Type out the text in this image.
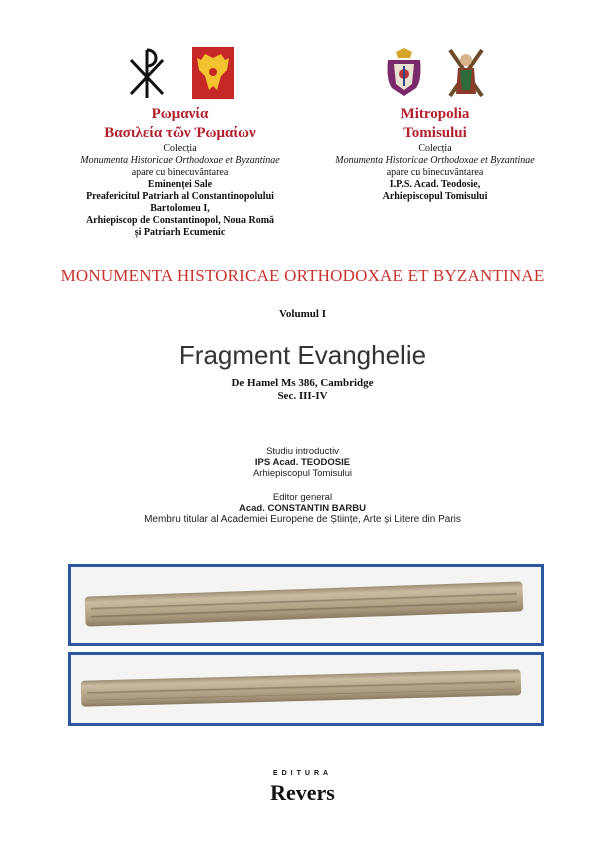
Ρωμανία
Βασιλεία τῶν Ῥωμαίων
Colecția
Monumenta Historicae Orthodoxae et Byzantinae
apare cu binecuvântarea
Eminenței Sale
Preafericitul Patriarh al Constantinopolului
Bartolomeu I,
Arhiepiscop de Constantinopol, Noua Romă
și Patriarh Ecumenic
Mitropolia
Tomisului
Colecția
Monumenta Historicae Orthodoxae et Byzantinae
apare cu binecuvântarea
I.P.S. Acad. Teodosie,
Arhiepiscopul Tomisului
MONUMENTA HISTORICAE ORTHODOXAE ET BYZANTINAE
Volumul I
Fragment Evanghelie
De Hamel Ms 386, Cambridge
Sec. III-IV
Studiu introductiv
IPS Acad. TEODOSIE
Arhiepiscopul Tomisului
Editor general
Acad. CONSTANTIN BARBU
Membru titular al Academiei Europene de Științe, Arte și Litere din Paris
EDITURA
Revers
